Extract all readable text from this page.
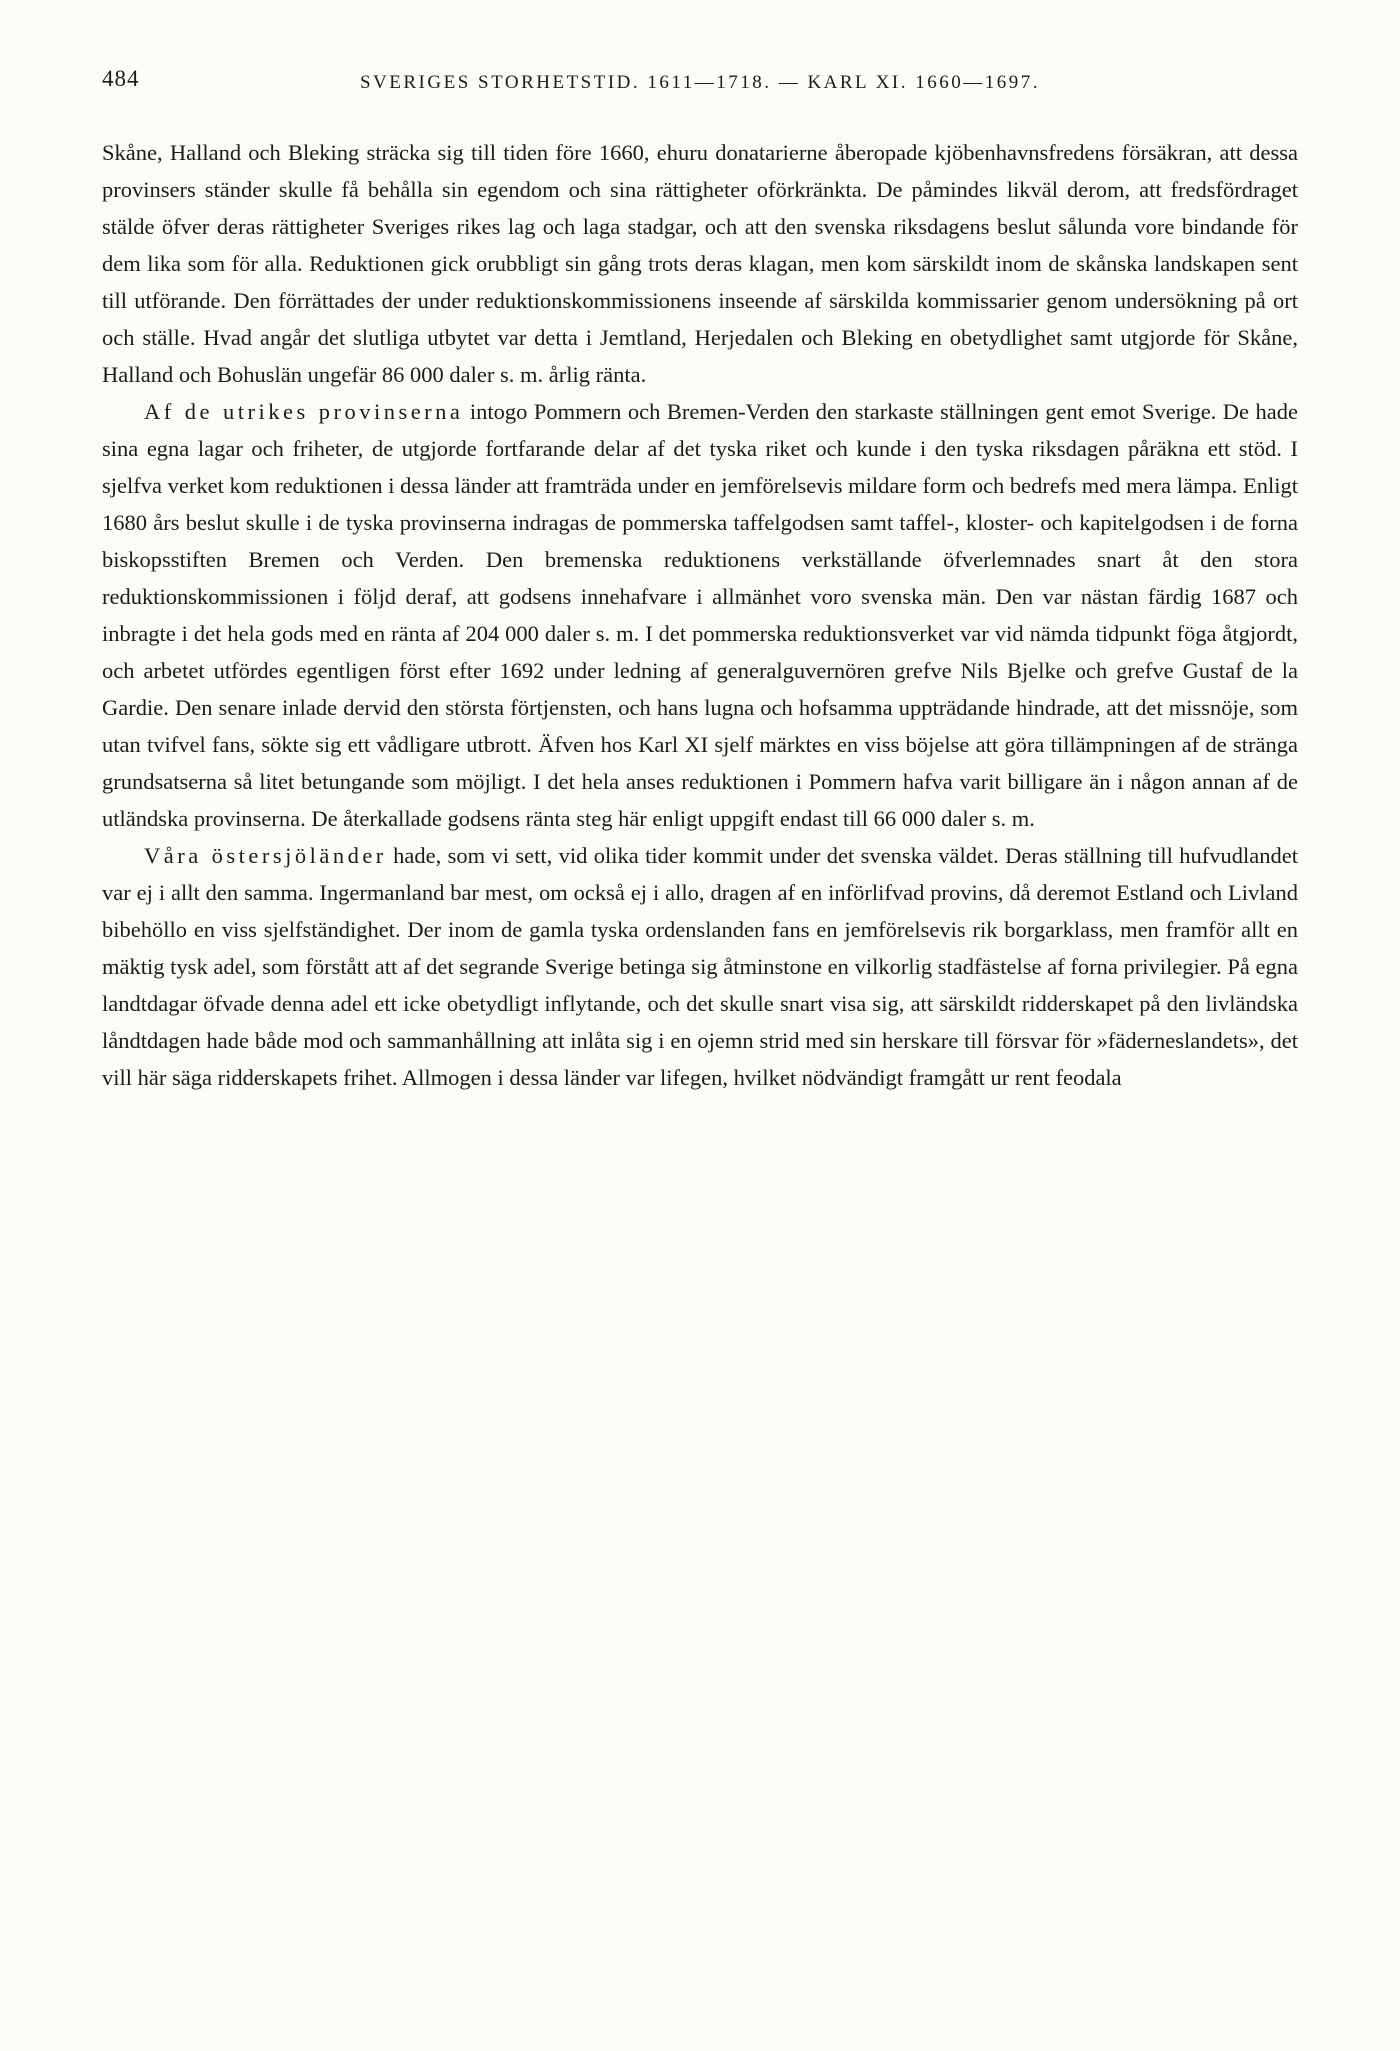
484	SVERIGES STORHETSTID. 1611—1718. — KARL XI. 1660—1697.

Skåne, Halland och Bleking sträcka sig till tiden före 1660, ehuru donatarierne åberopade kjöbenhavnsfredens försäkran, att dessa provinsers ständer skulle få behålla sin egendom och sina rättigheter oförkränkta. De påmindes likväl derom, att fredsfördraget stälde öfver deras rättigheter Sveriges rikes lag och laga stadgar, och att den svenska riksdagens beslut sålunda vore bindande för dem lika som för alla. Reduktionen gick orubbligt sin gång trots deras klagan, men kom särskildt inom de skånska landskapen sent till utförande. Den förrättades der under reduktionskommissionens inseende af särskilda kommissarier genom undersökning på ort och ställe. Hvad angår det slutliga utbytet var detta i Jemtland, Herjedalen och Bleking en obetydlighet samt utgjorde för Skåne, Halland och Bohuslän ungefär 86 000 daler s. m. årlig ränta.

Af de utrikes provinserna intogo Pommern och Bremen-Verden den starkaste ställningen gent emot Sverige. De hade sina egna lagar och friheter, de utgjorde fortfarande delar af det tyska riket och kunde i den tyska riksdagen påräkna ett stöd. I sjelfva verket kom reduktionen i dessa länder att framträda under en jemförelsevis mildare form och bedrefs med mera lämpa. Enligt 1680 års beslut skulle i de tyska provinserna indragas de pommerska taffelgodsen samt taffel-, kloster- och kapitelgodsen i de forna biskopsstiften Bremen och Verden. Den bremenska reduktionens verkställande öfverlemnades snart åt den stora reduktionskommissionen i följd deraf, att godsens innehafvare i allmänhet voro svenska män. Den var nästan färdig 1687 och inbragte i det hela gods med en ränta af 204 000 daler s. m. I det pommerska reduktionsverket var vid nämda tidpunkt föga åtgjordt, och arbetet utfördes egentligen först efter 1692 under ledning af generalguvernören grefve Nils Bjelke och grefve Gustaf de la Gardie. Den senare inlade dervid den största förtjensten, och hans lugna och hofsamma uppträdande hindrade, att det missnöje, som utan tvifvel fans, sökte sig ett vådligare utbrott. Äfven hos Karl XI sjelf märktes en viss böjelse att göra tillämpningen af de stränga grundsatserna så litet betungande som möjligt. I det hela anses reduktionen i Pommern hafva varit billigare än i någon annan af de utländska provinserna. De återkallade godsens ränta steg här enligt uppgift endast till 66 000 daler s. m.

Våra östersjöländer hade, som vi sett, vid olika tider kommit under det svenska väldet. Deras ställning till hufvudlandet var ej i allt den samma. Ingermanland bar mest, om också ej i allo, dragen af en införlifvad provins, då deremot Estland och Livland bibehöllo en viss sjelfständighet. Der inom de gamla tyska ordenslanden fans en jemförelsevis rik borgarklass, men framför allt en mäktig tysk adel, som förstått att af det segrande Sverige betinga sig åtminstone en vilkorlig stadfästelse af forna privilegier. På egna landtdagar öfvade denna adel ett icke obetydligt inflytande, och det skulle snart visa sig, att särskildt ridderskapet på den livländska låndtdagen hade både mod och sammanhållning att inlåta sig i en ojemn strid med sin herskare till försvar för »fäderneslandets», det vill här säga ridderskapets frihet. Allmogen i dessa länder var lifegen, hvilket nödvändigt framgått ur rent feodala
